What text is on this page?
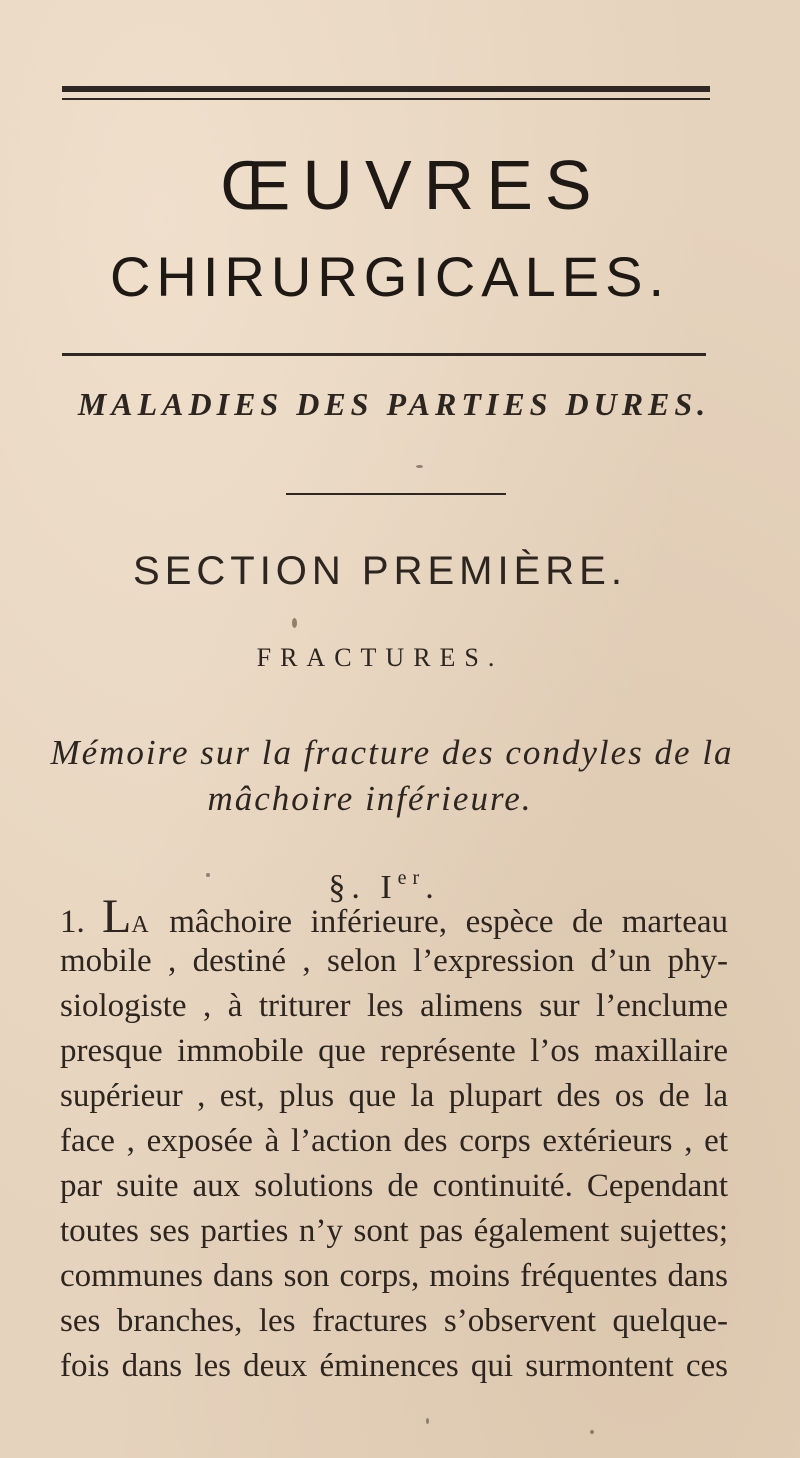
ŒUVRES
CHIRURGICALES.
MALADIES DES PARTIES DURES.
SECTION PREMIÈRE.
FRACTURES.
Mémoire sur la fracture des condyles de la
mâchoire inférieure.
§. Ier.
1. LA mâchoire inférieure, espèce de marteau
mobile , destiné , selon l’expression d’un phy-
siologiste , à triturer les alimens sur l’enclume
presque immobile que représente l’os maxillaire
supérieur , est, plus que la plupart des os de la
face , exposée à l’action des corps extérieurs , et
par suite aux solutions de continuité. Cependant
toutes ses parties n’y sont pas également sujettes;
communes dans son corps, moins fréquentes dans
ses branches, les fractures s’observent quelque-
fois dans les deux éminences qui surmontent ces
